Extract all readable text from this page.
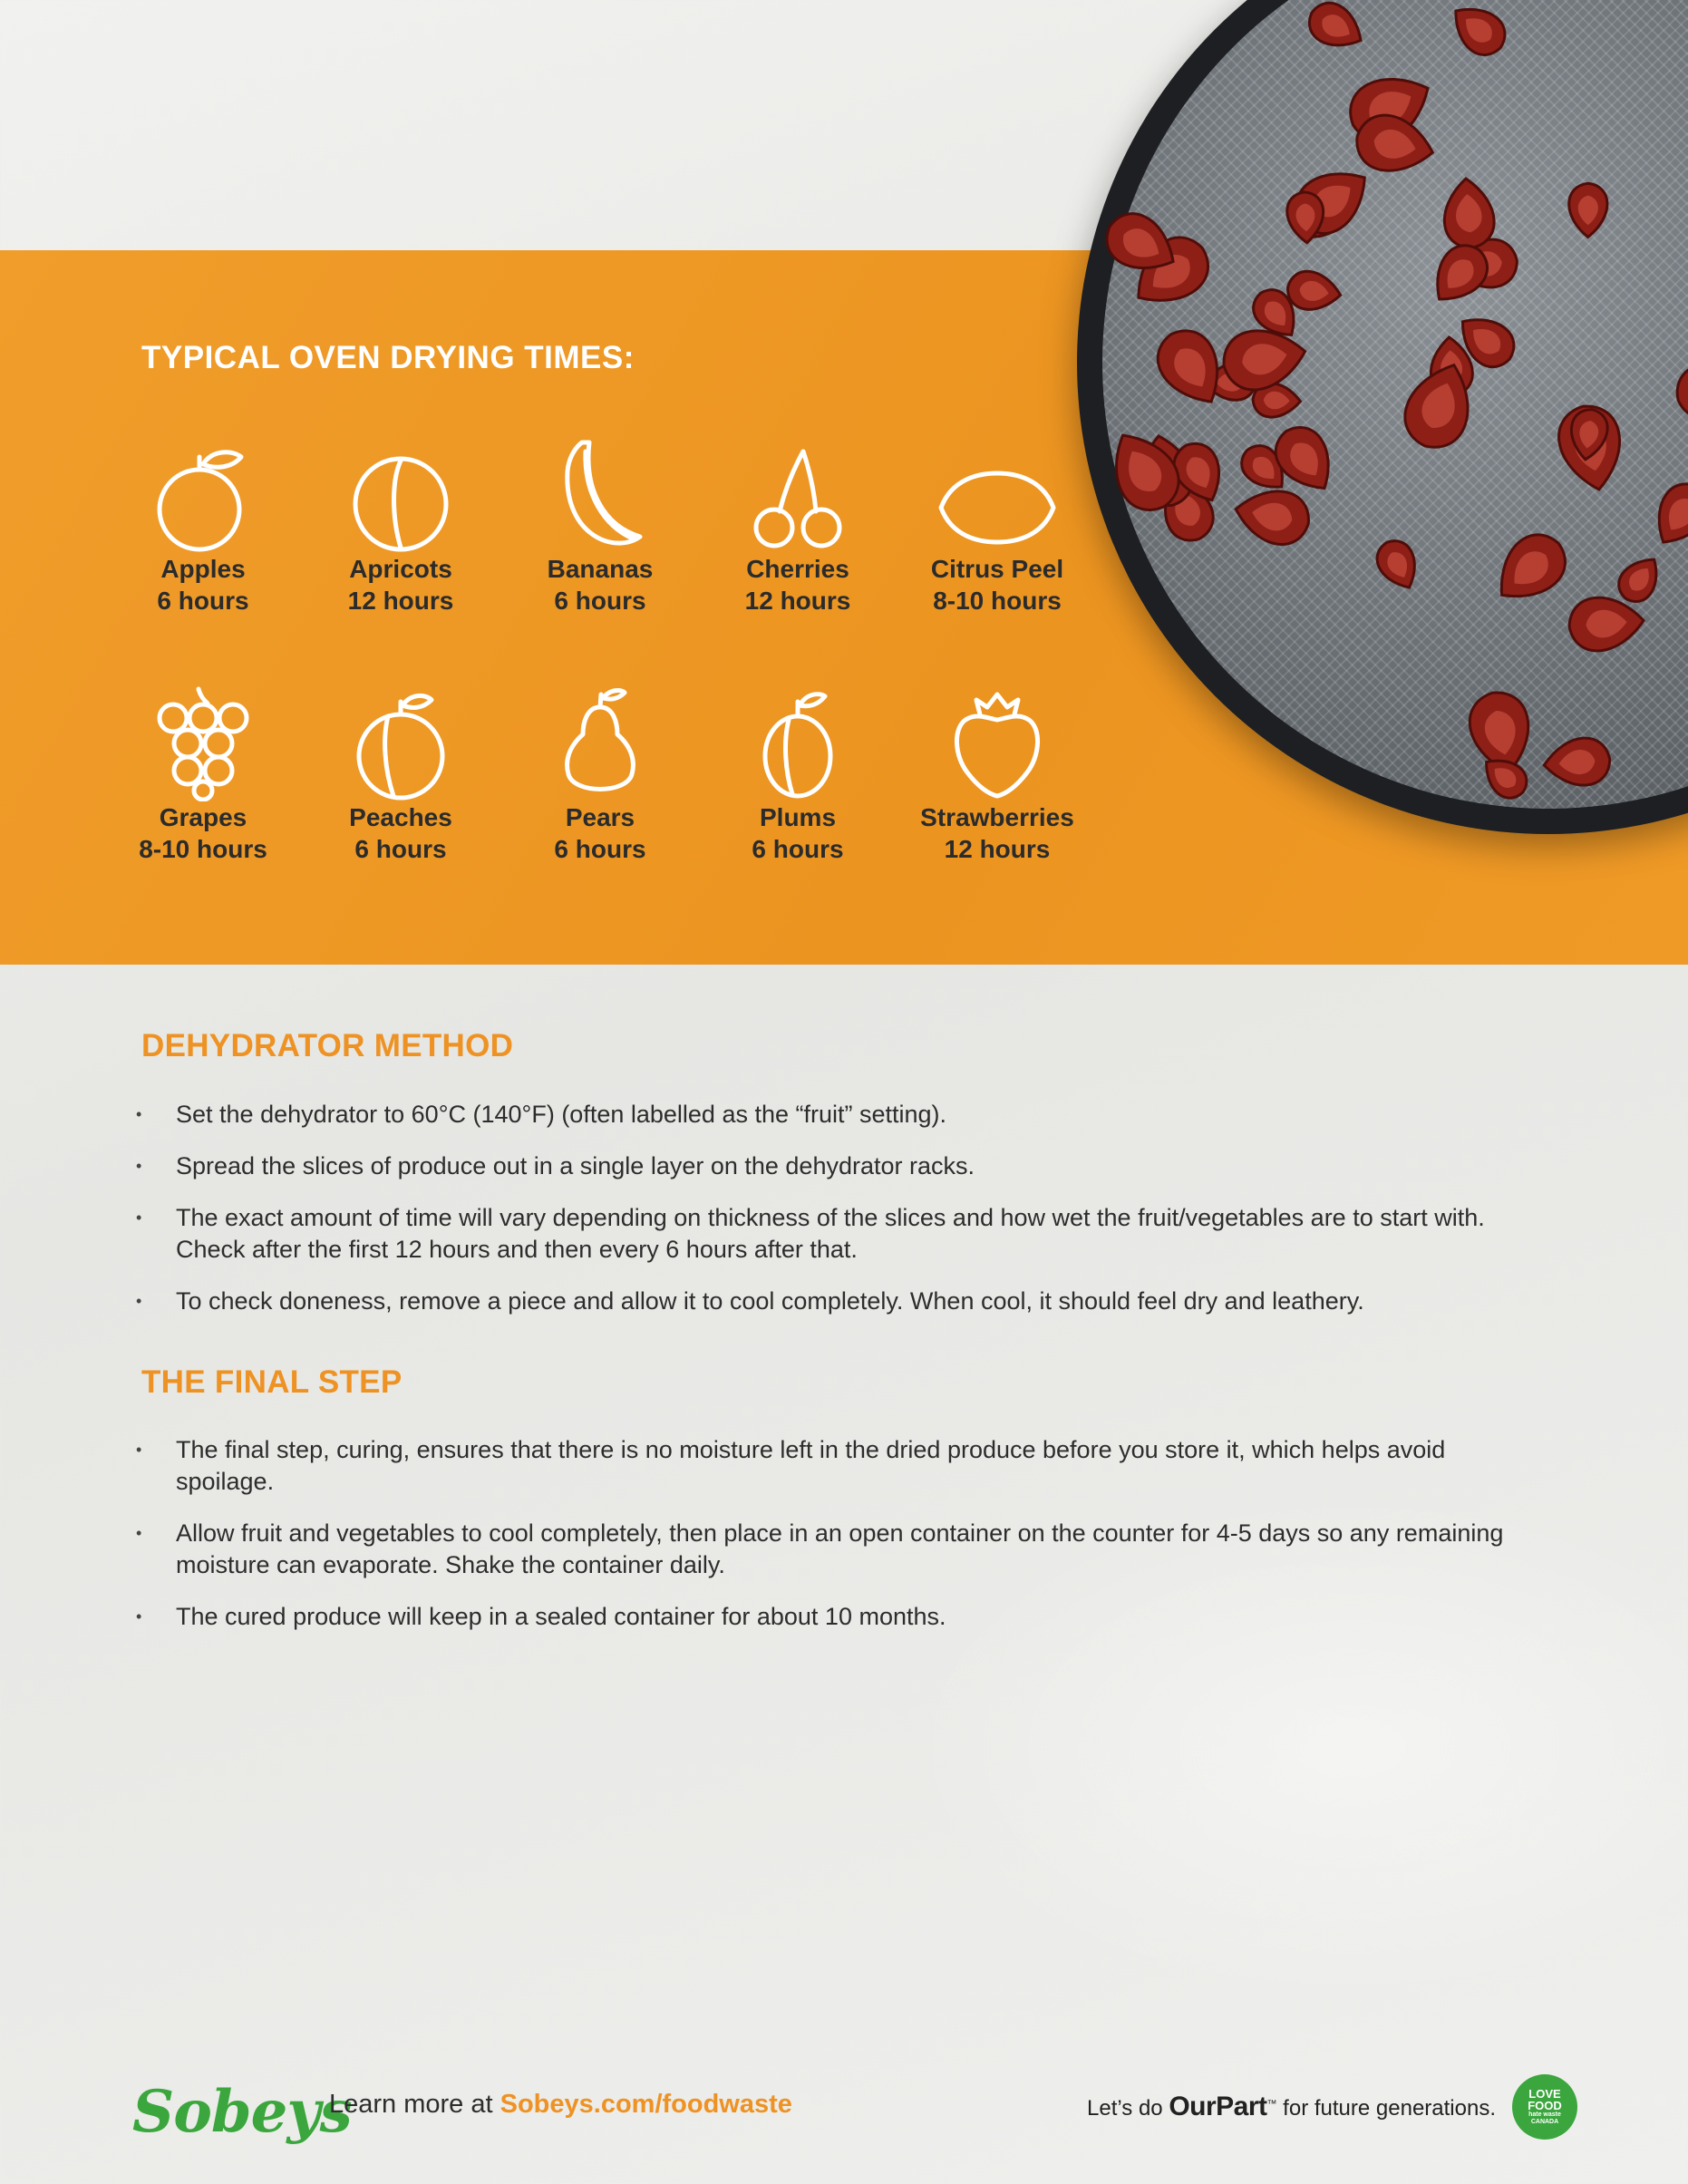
TYPICAL OVEN DRYING TIMES:
Apples
6 hours
Apricots
12 hours
Bananas
6 hours
Cherries
12 hours
Citrus Peel
8-10 hours
Grapes
8-10 hours
Peaches
6 hours
Pears
6 hours
Plums
6 hours
Strawberries
12 hours
DEHYDRATOR METHOD
• Set the dehydrator to 60°C (140°F) (often labelled as the “fruit” setting).
• Spread the slices of produce out in a single layer on the dehydrator racks.
• The exact amount of time will vary depending on thickness of the slices and how wet the fruit/vegetables are to start with. Check after the first 12 hours and then every 6 hours after that.
• To check doneness, remove a piece and allow it to cool completely. When cool, it should feel dry and leathery.
THE FINAL STEP
• The final step, curing, ensures that there is no moisture left in the dried produce before you store it, which helps avoid spoilage.
• Allow fruit and vegetables to cool completely, then place in an open container on the counter for 4-5 days so any remaining moisture can evaporate. Shake the container daily.
• The cured produce will keep in a sealed container for about 10 months.
Sobeys
Learn more at Sobeys.com/foodwaste	Let’s do OurPart™ for future generations.
LOVE
FOOD
hate waste
CANADA
